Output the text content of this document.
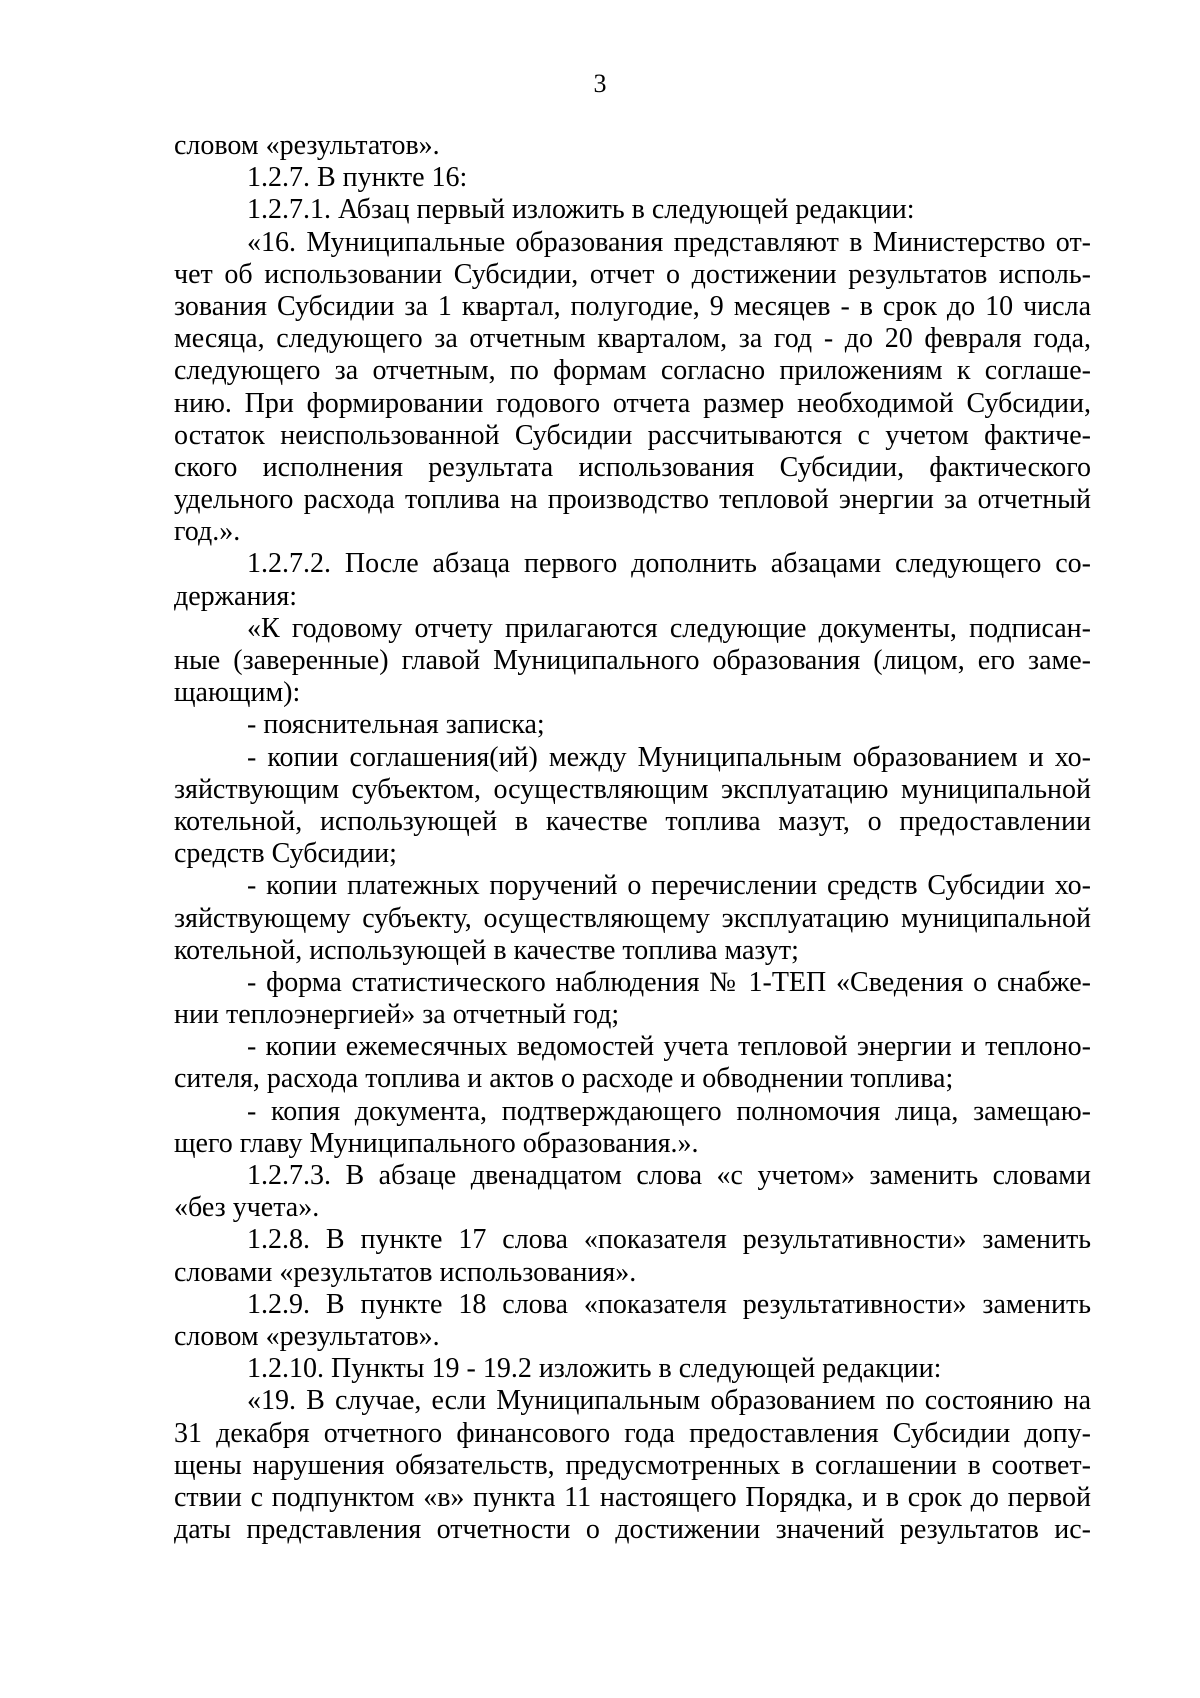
3
словом «результатов».
1.2.7. В пункте 16:
1.2.7.1. Абзац первый изложить в следующей редакции:
«16. Муниципальные образования представляют в Министерство от-
чет об использовании Субсидии, отчет о достижении результатов исполь-
зования Субсидии за 1 квартал, полугодие, 9 месяцев - в срок до 10 числа
месяца, следующего за отчетным кварталом, за год - до 20 февраля года,
следующего за отчетным, по формам согласно приложениям к соглаше-
нию. При формировании годового отчета размер необходимой Субсидии,
остаток неиспользованной Субсидии рассчитываются с учетом фактиче-
ского исполнения результата использования Субсидии, фактического
удельного расхода топлива на производство тепловой энергии за отчетный
год.».
1.2.7.2. После абзаца первого дополнить абзацами следующего со-
держания:
«К годовому отчету прилагаются следующие документы, подписан-
ные (заверенные) главой Муниципального образования (лицом, его заме-
щающим):
- пояснительная записка;
- копии соглашения(ий) между Муниципальным образованием и хо-
зяйствующим субъектом, осуществляющим эксплуатацию муниципальной
котельной, использующей в качестве топлива мазут, о предоставлении
средств Субсидии;
- копии платежных поручений о перечислении средств Субсидии хо-
зяйствующему субъекту, осуществляющему эксплуатацию муниципальной
котельной, использующей в качестве топлива мазут;
- форма статистического наблюдения № 1-ТЕП «Сведения о снабже-
нии теплоэнергией» за отчетный год;
- копии ежемесячных ведомостей учета тепловой энергии и теплоно-
сителя, расхода топлива и актов о расходе и обводнении топлива;
- копия документа, подтверждающего полномочия лица, замещаю-
щего главу Муниципального образования.».
1.2.7.3. В абзаце двенадцатом слова «с учетом» заменить словами
«без учета».
1.2.8. В пункте 17 слова «показателя результативности» заменить
словами «результатов использования».
1.2.9. В пункте 18 слова «показателя результативности» заменить
словом «результатов».
1.2.10. Пункты 19 - 19.2 изложить в следующей редакции:
«19. В случае, если Муниципальным образованием по состоянию на
31 декабря отчетного финансового года предоставления Субсидии допу-
щены нарушения обязательств, предусмотренных в соглашении в соответ-
ствии с подпунктом «в» пункта 11 настоящего Порядка, и в срок до первой
даты представления отчетности о достижении значений результатов ис-
